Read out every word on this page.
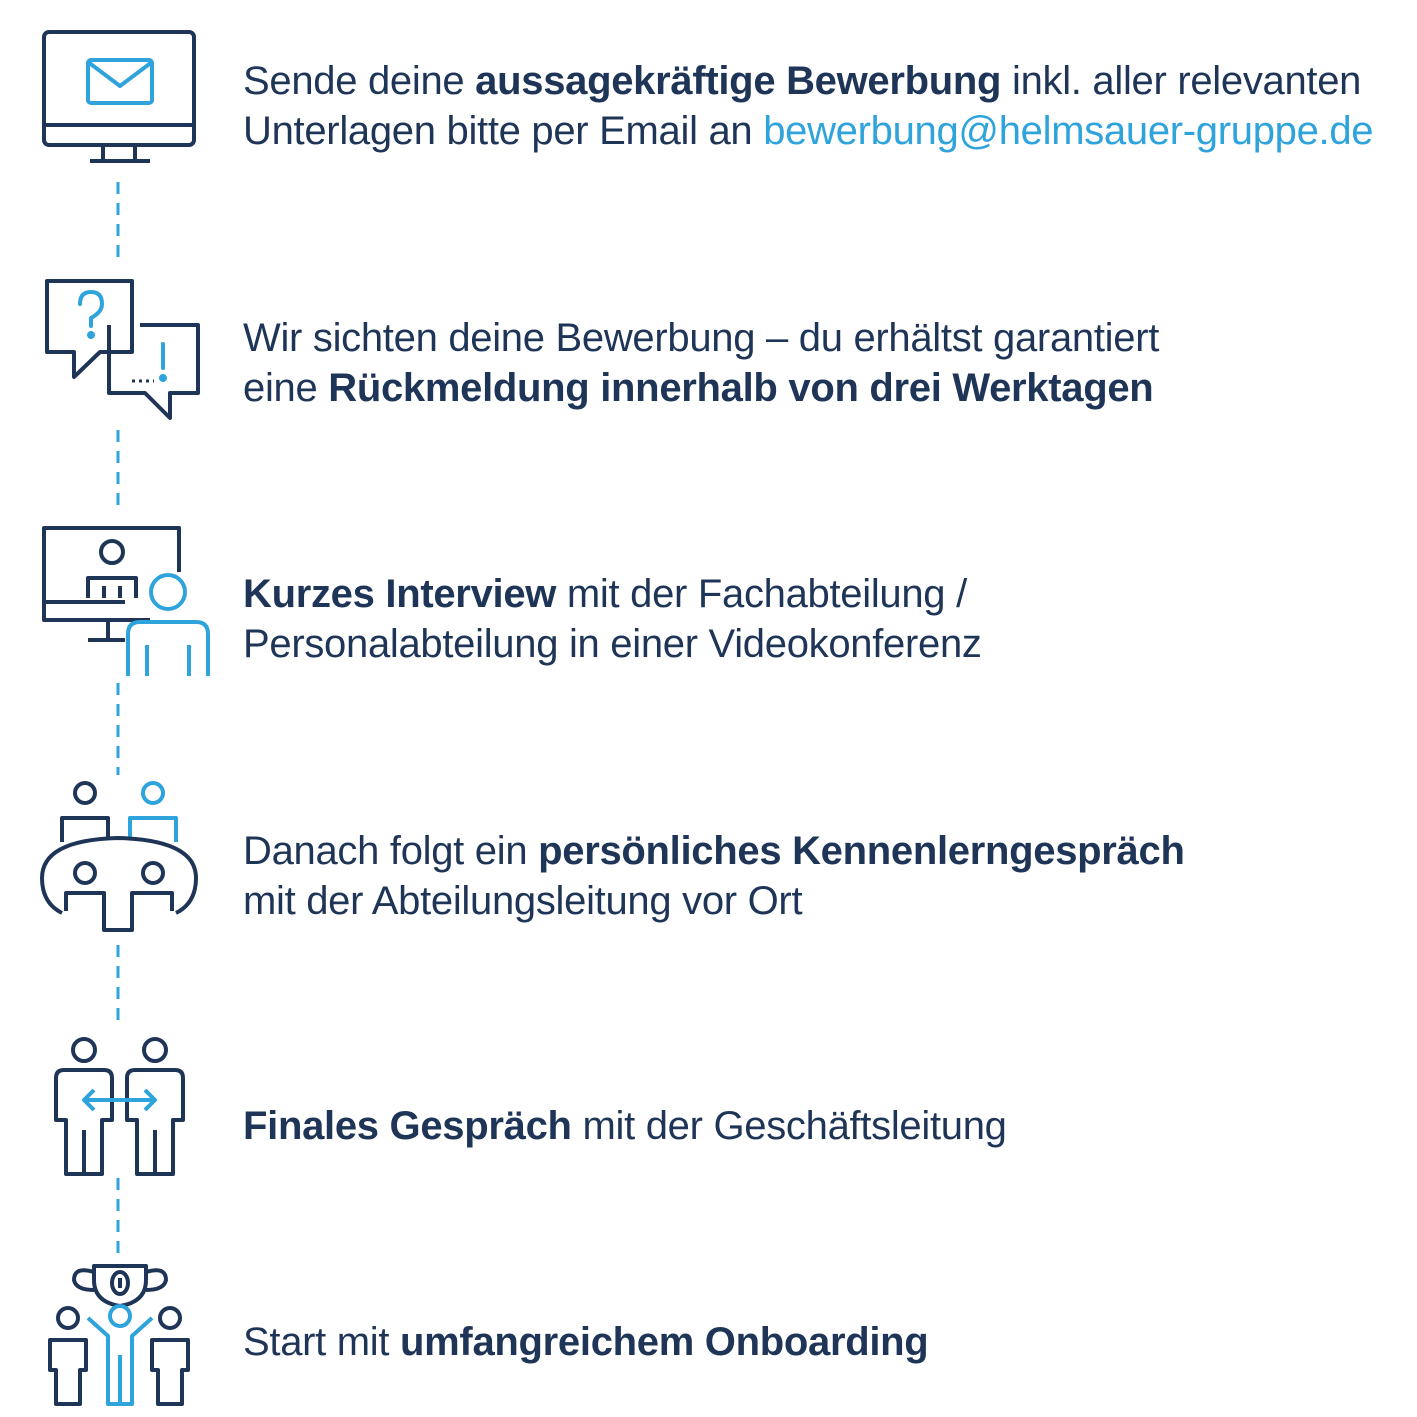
Sende deine aussagekräftige Bewerbung inkl. aller relevanten
Unterlagen bitte per Email an bewerbung@helmsauer-gruppe.de

Wir sichten deine Bewerbung – du erhältst garantiert
eine Rückmeldung innerhalb von drei Werktagen

Kurzes Interview mit der Fachabteilung /
Personalabteilung in einer Videokonferenz

Danach folgt ein persönliches Kennenlerngespräch
mit der Abteilungsleitung vor Ort

Finales Gespräch mit der Geschäftsleitung

Start mit umfangreichem Onboarding
